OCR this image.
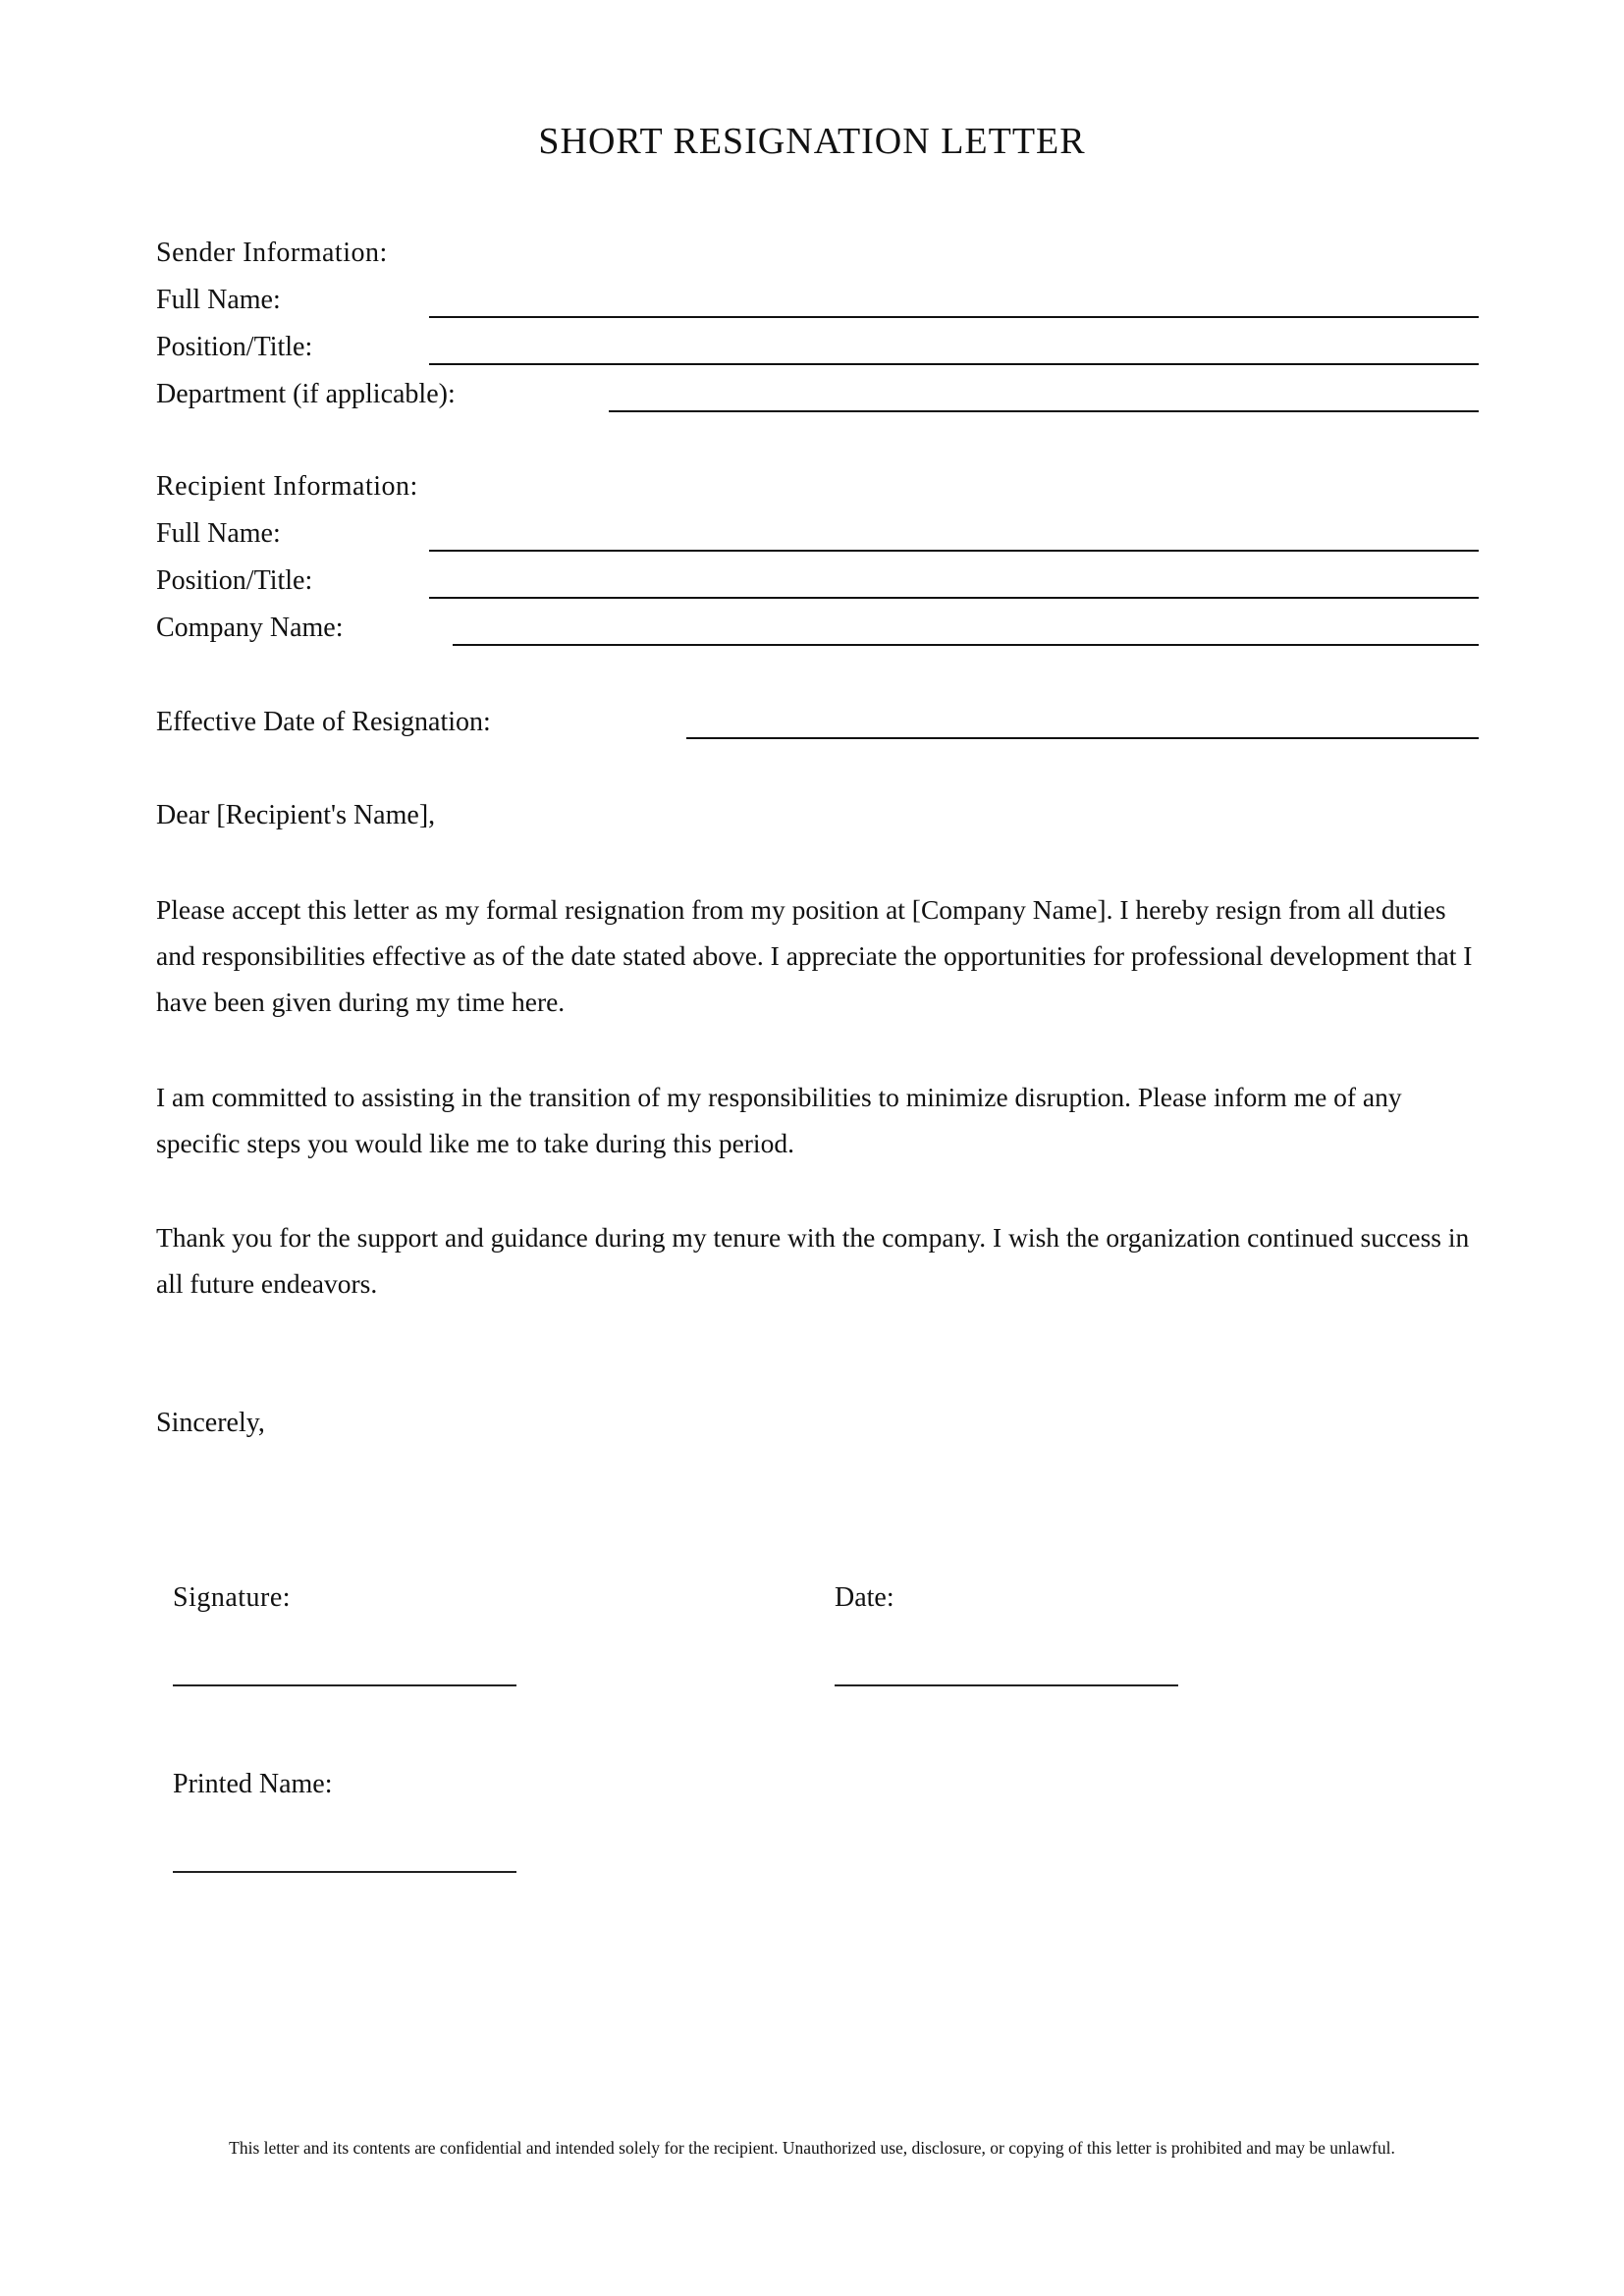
SHORT RESIGNATION LETTER
Sender Information:
Full Name:
Position/Title:
Department (if applicable):
Recipient Information:
Full Name:
Position/Title:
Company Name:
Effective Date of Resignation:
Dear [Recipient's Name],
Please accept this letter as my formal resignation from my position at [Company Name]. I hereby resign from all duties and responsibilities effective as of the date stated above. I appreciate the opportunities for professional development that I have been given during my time here.
I am committed to assisting in the transition of my responsibilities to minimize disruption. Please inform me of any specific steps you would like me to take during this period.
Thank you for the support and guidance during my tenure with the company. I wish the organization continued success in all future endeavors.
Sincerely,
Signature:	Date:
Printed Name:
This letter and its contents are confidential and intended solely for the recipient. Unauthorized use, disclosure, or copying of this letter is prohibited and may be unlawful.
